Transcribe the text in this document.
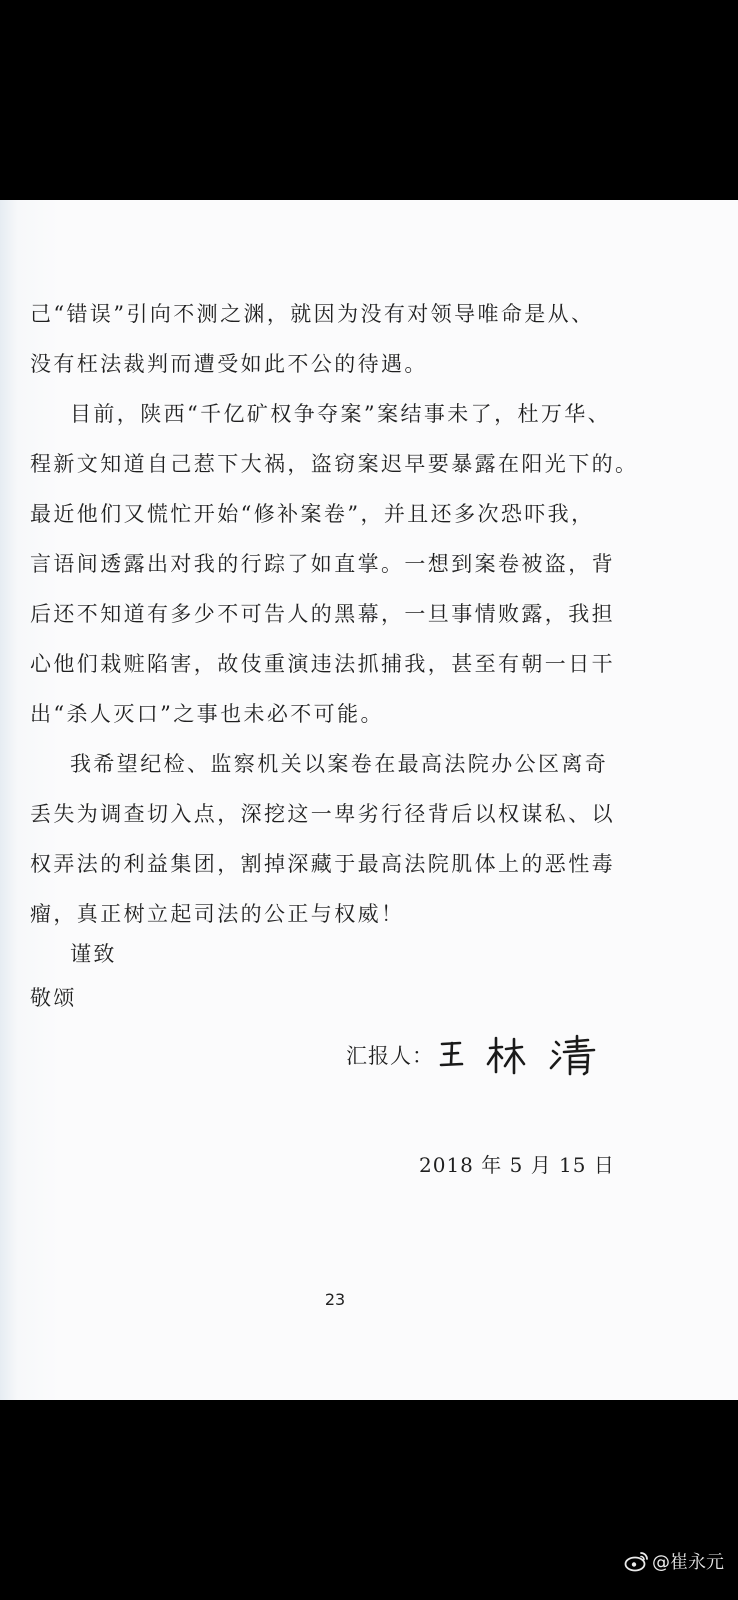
己“错误”引向不测之渊，就因为没有对领导唯命是从、
没有枉法裁判而遭受如此不公的待遇。
目前，陕西“千亿矿权争夺案”案结事未了，杜万华、
程新文知道自己惹下大祸，盗窃案迟早要暴露在阳光下的。
最近他们又慌忙开始“修补案卷”，并且还多次恐吓我，
言语间透露出对我的行踪了如直掌。一想到案卷被盗，背
后还不知道有多少不可告人的黑幕，一旦事情败露，我担
心他们栽赃陷害，故伎重演违法抓捕我，甚至有朝一日干
出“杀人灭口”之事也未必不可能。
我希望纪检、监察机关以案卷在最高法院办公区离奇
丢失为调查切入点，深挖这一卑劣行径背后以权谋私、以
权弄法的利益集团，割掉深藏于最高法院肌体上的恶性毒
瘤，真正树立起司法的公正与权威！
谨致
敬颂
汇报人：
2018 年 5 月 15 日
23
@崔永元
